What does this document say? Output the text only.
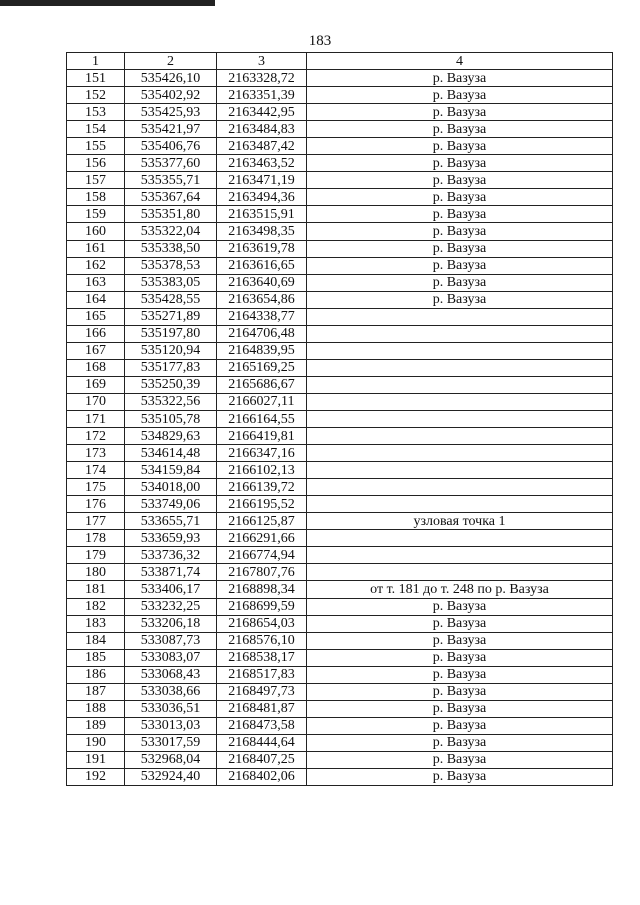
183
1	2	3	4
151	535426,10	2163328,72	р. Вазуза
152	535402,92	2163351,39	р. Вазуза
153	535425,93	2163442,95	р. Вазуза
154	535421,97	2163484,83	р. Вазуза
155	535406,76	2163487,42	р. Вазуза
156	535377,60	2163463,52	р. Вазуза
157	535355,71	2163471,19	р. Вазуза
158	535367,64	2163494,36	р. Вазуза
159	535351,80	2163515,91	р. Вазуза
160	535322,04	2163498,35	р. Вазуза
161	535338,50	2163619,78	р. Вазуза
162	535378,53	2163616,65	р. Вазуза
163	535383,05	2163640,69	р. Вазуза
164	535428,55	2163654,86	р. Вазуза
165	535271,89	2164338,77	
166	535197,80	2164706,48	
167	535120,94	2164839,95	
168	535177,83	2165169,25	
169	535250,39	2165686,67	
170	535322,56	2166027,11	
171	535105,78	2166164,55	
172	534829,63	2166419,81	
173	534614,48	2166347,16	
174	534159,84	2166102,13	
175	534018,00	2166139,72	
176	533749,06	2166195,52	
177	533655,71	2166125,87	узловая точка 1
178	533659,93	2166291,66	
179	533736,32	2166774,94	
180	533871,74	2167807,76	
181	533406,17	2168898,34	от т. 181 до т. 248 по р. Вазуза
182	533232,25	2168699,59	р. Вазуза
183	533206,18	2168654,03	р. Вазуза
184	533087,73	2168576,10	р. Вазуза
185	533083,07	2168538,17	р. Вазуза
186	533068,43	2168517,83	р. Вазуза
187	533038,66	2168497,73	р. Вазуза
188	533036,51	2168481,87	р. Вазуза
189	533013,03	2168473,58	р. Вазуза
190	533017,59	2168444,64	р. Вазуза
191	532968,04	2168407,25	р. Вазуза
192	532924,40	2168402,06	р. Вазуза
